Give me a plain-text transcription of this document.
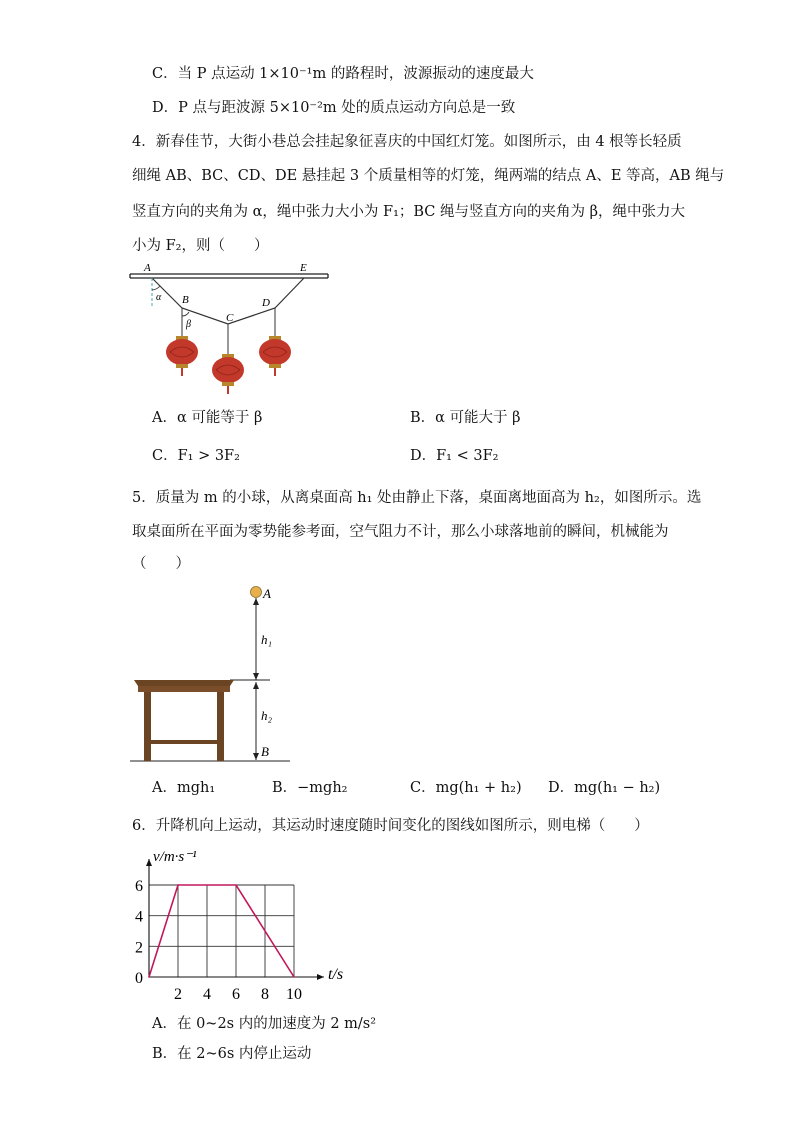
C．当 P 点运动 1×10⁻¹m 的路程时，波源振动的速度最大
D．P 点与距波源 5×10⁻²m 处的质点运动方向总是一致
4．新春佳节，大街小巷总会挂起象征喜庆的中国红灯笼。如图所示，由 4 根等长轻质
细绳 AB、BC、CD、DE 悬挂起 3 个质量相等的灯笼，绳两端的结点 A、E 等高，AB 绳与
竖直方向的夹角为 α，绳中张力大小为 F₁；BC 绳与竖直方向的夹角为 β，绳中张力大
小为 F₂，则（　　）
A	E
α B
β
C
D
A．α 可能等于 β	B．α 可能大于 β
C．F₁ > 3F₂	D．F₁ < 3F₂
5．质量为 m 的小球，从离桌面高 h₁ 处由静止下落，桌面离地面高为 h₂，如图所示。选
取桌面所在平面为零势能参考面，空气阻力不计，那么小球落地前的瞬间，机械能为
（　　）
A
h₁
h₂
B
A．mgh₁	B．−mgh₂	C．mg(h₁ + h₂) D．mg(h₁ − h₂)
6．升降机向上运动，其运动时速度随时间变化的图线如图所示，则电梯（　　）
2 4 6 8 10
0
2
4
6
t/s
v/m·s⁻¹
A．在 0~2s 内的加速度为 2 m/s²
B．在 2~6s 内停止运动
